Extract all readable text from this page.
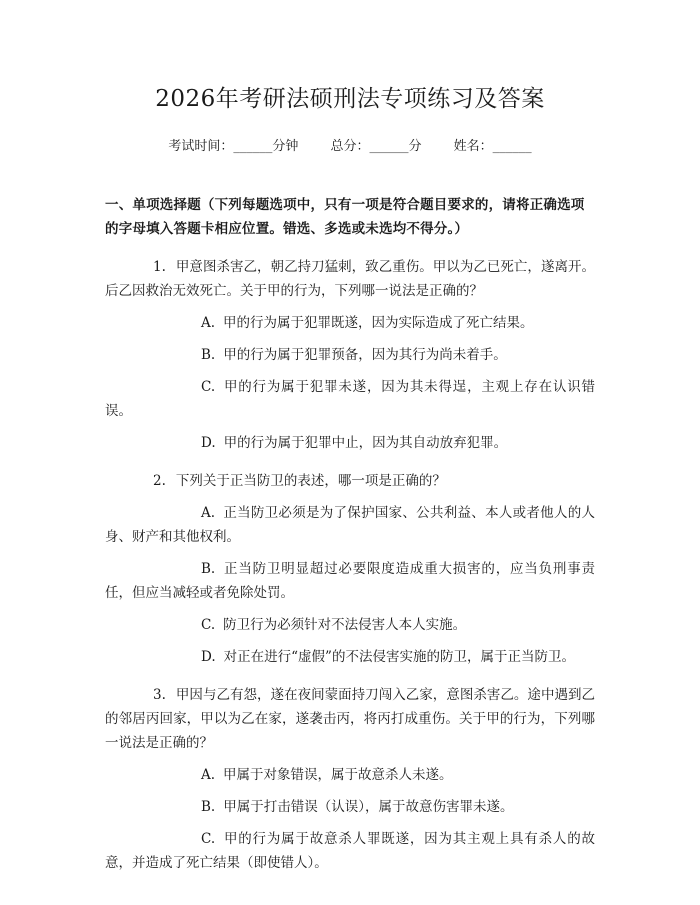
2026年考研法硕刑法专项练习及答案
考试时间：______分钟 总分：______分 姓名：______
一、单项选择题（下列每题选项中，只有一项是符合题目要求的，请将正确选项
的字母填入答题卡相应位置。错选、多选或未选均不得分。）
1. 甲意图杀害乙，朝乙持刀猛刺，致乙重伤。甲以为乙已死亡，遂离开。后乙因救治无效死亡。关于甲的行为，下列哪一说法是正确的？
A. 甲的行为属于犯罪既遂，因为实际造成了死亡结果。
B. 甲的行为属于犯罪预备，因为其行为尚未着手。
C. 甲的行为属于犯罪未遂，因为其未得逞，主观上存在认识错误。
D. 甲的行为属于犯罪中止，因为其自动放弃犯罪。
2. 下列关于正当防卫的表述，哪一项是正确的？
A. 正当防卫必须是为了保护国家、公共利益、本人或者他人的人身、财产和其他权利。
B. 正当防卫明显超过必要限度造成重大损害的，应当负刑事责任，但应当减轻或者免除处罚。
C. 防卫行为必须针对不法侵害人本人实施。
D. 对正在进行“虚假”的不法侵害实施的防卫，属于正当防卫。
3. 甲因与乙有怨，遂在夜间蒙面持刀闯入乙家，意图杀害乙。途中遇到乙的邻居丙回家，甲以为乙在家，遂袭击丙，将丙打成重伤。关于甲的行为，下列哪一说法是正确的？
A. 甲属于对象错误，属于故意杀人未遂。
B. 甲属于打击错误（认误），属于故意伤害罪未遂。
C. 甲的行为属于故意杀人罪既遂，因为其主观上具有杀人的故意，并造成了死亡结果（即使错人）。
